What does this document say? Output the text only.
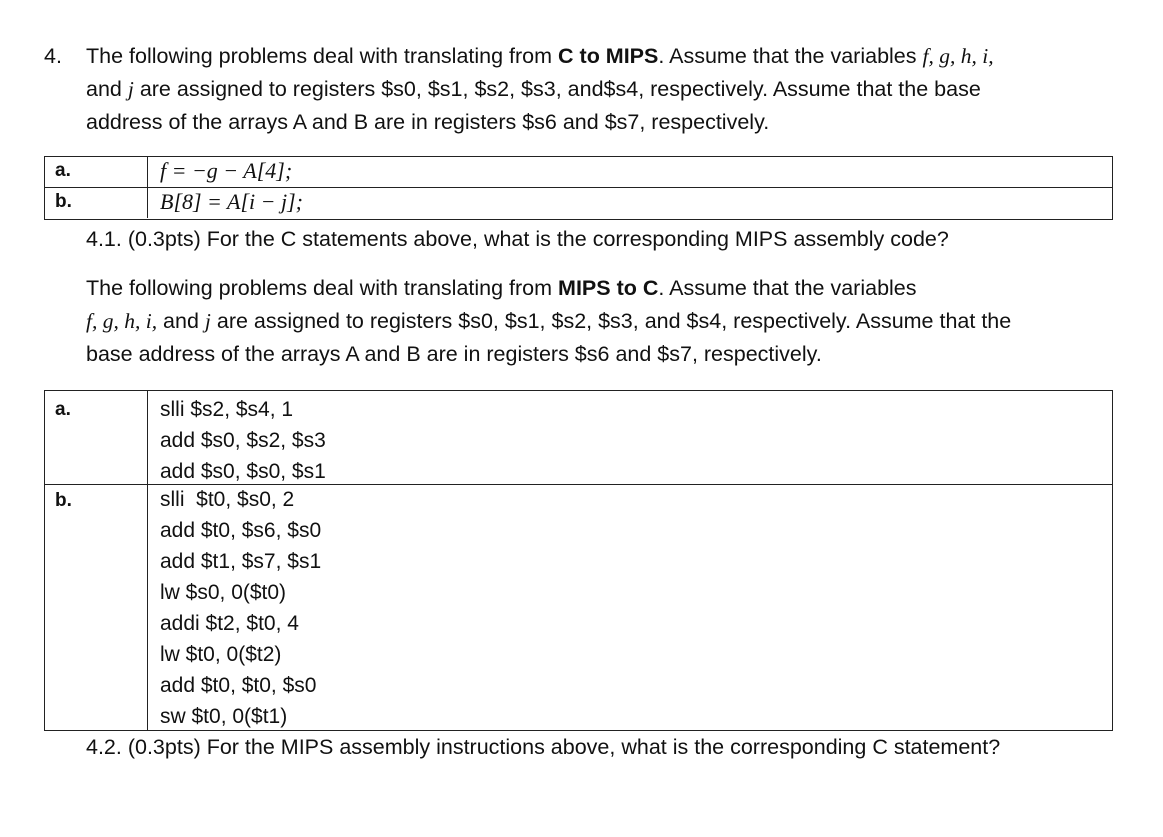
4. The following problems deal with translating from C to MIPS. Assume that the variables f, g, h, i,
and j are assigned to registers $s0, $s1, $s2, $s3, and$s4, respectively. Assume that the base
address of the arrays A and B are in registers $s6 and $s7, respectively.
a.	f = −g − A[4];
b.	B[8] = A[i − j];
4.1. (0.3pts) For the C statements above, what is the corresponding MIPS assembly code?
The following problems deal with translating from MIPS to C. Assume that the variables
f, g, h, i, and j are assigned to registers $s0, $s1, $s2, $s3, and $s4, respectively. Assume that the
base address of the arrays A and B are in registers $s6 and $s7, respectively.
a.	slli $s2, $s4, 1
add $s0, $s2, $s3
add $s0, $s0, $s1
b.	slli  $t0, $s0, 2
add $t0, $s6, $s0
add $t1, $s7, $s1
lw $s0, 0($t0)
addi $t2, $t0, 4
lw $t0, 0($t2)
add $t0, $t0, $s0
sw $t0, 0($t1)
4.2. (0.3pts) For the MIPS assembly instructions above, what is the corresponding C statement?
